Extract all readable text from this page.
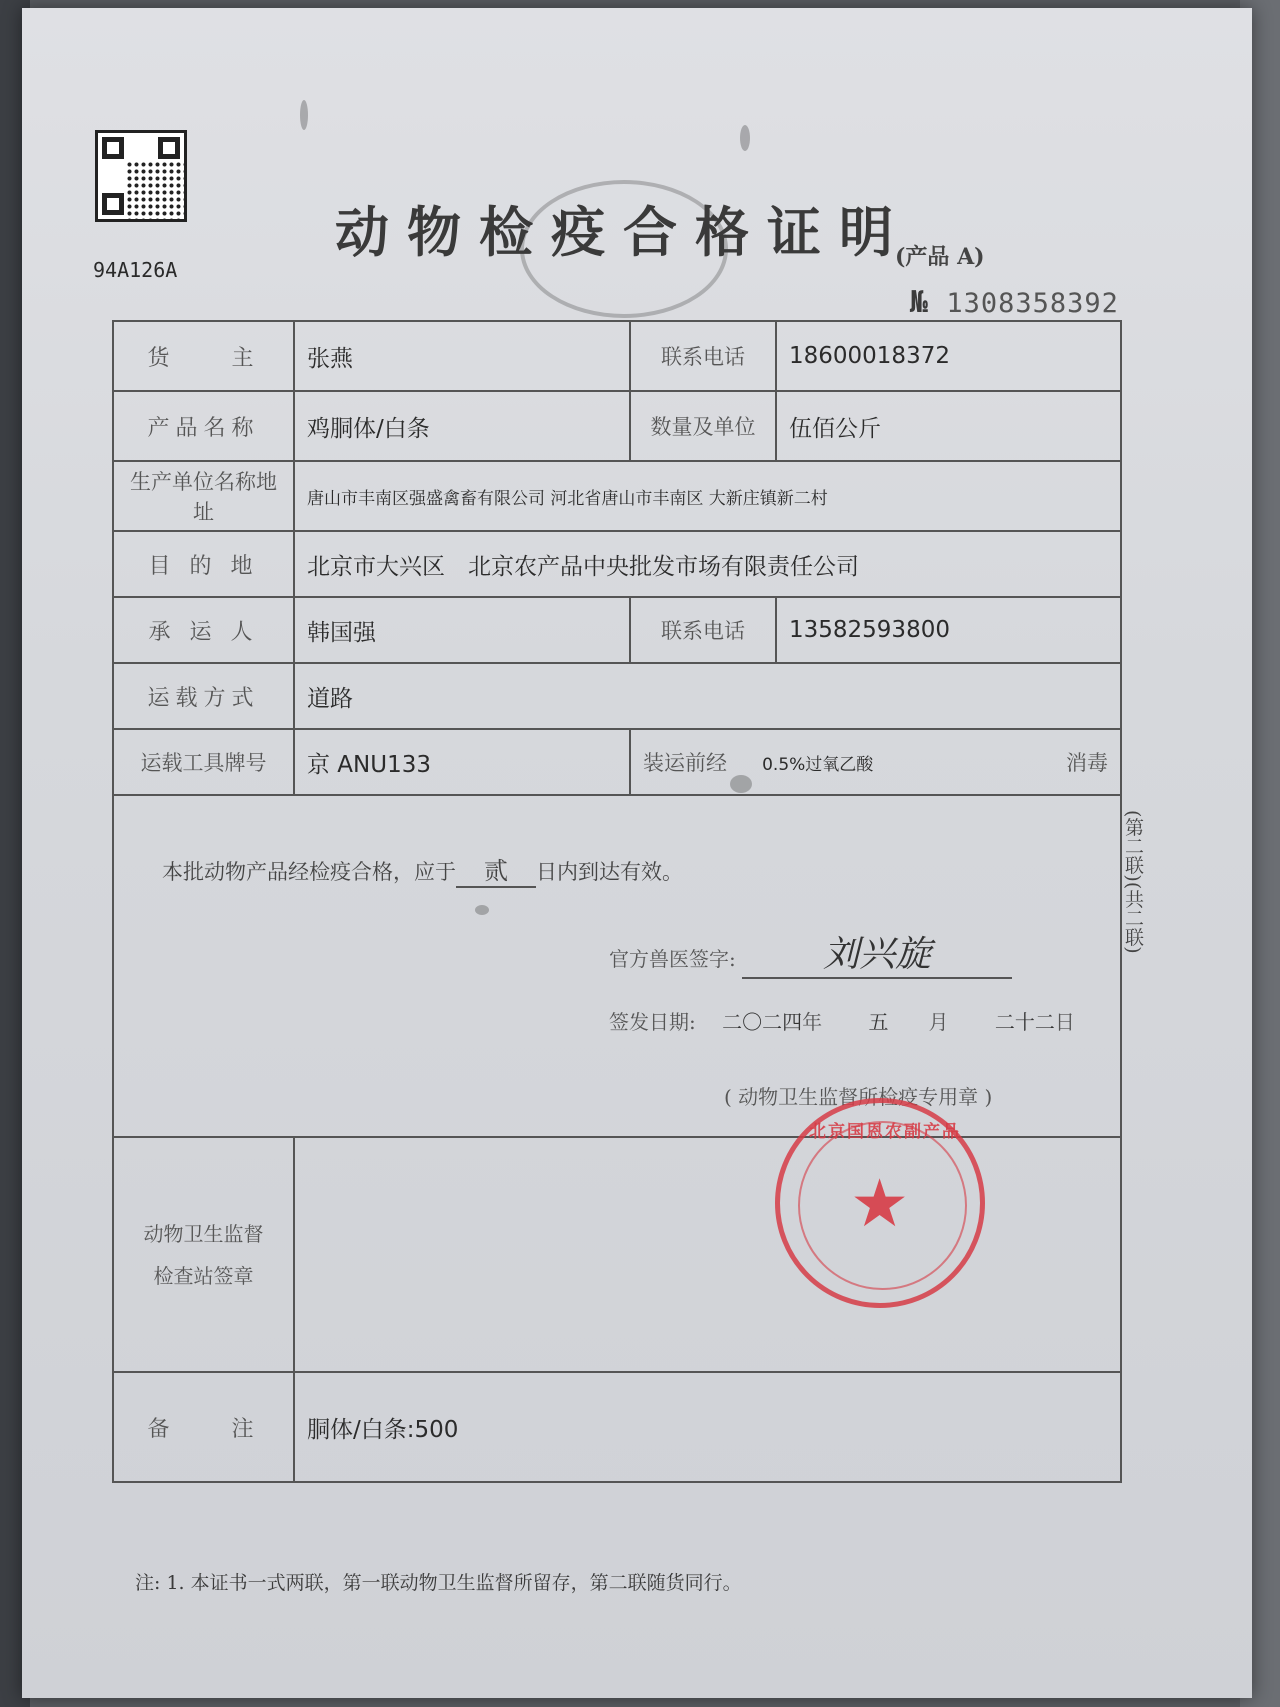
94A126A
动物检疫合格证明
(产品 A)
№ 1308358392
货　　主	张燕	联系电话	18600018372
产品名称	鸡胴体/白条	数量及单位	伍佰公斤
生产单位名称地址	唐山市丰南区强盛禽畜有限公司 河北省唐山市丰南区 大新庄镇新二村		
目 的 地	北京市大兴区　北京农产品中央批发市场有限责任公司		
承 运 人	韩国强	联系电话	13582593800
运载方式	道路		
运载工具牌号	京 ANU133	装运前经 0.5%过氧乙酸 消毒	

本批动物产品经检疫合格，应于 贰 日内到达有效。
官方兽医签字: 刘兴旋
签发日期: 二〇二四年 五 月 二十二日
( 动物卫生监督所检疫专用章 )			

动物卫生监督
检查站签章			

备　　注	胴体/白条:500		
北京国恩农副产品
★
(第二联)(共二联)
注: 1. 本证书一式两联，第一联动物卫生监督所留存，第二联随货同行。
